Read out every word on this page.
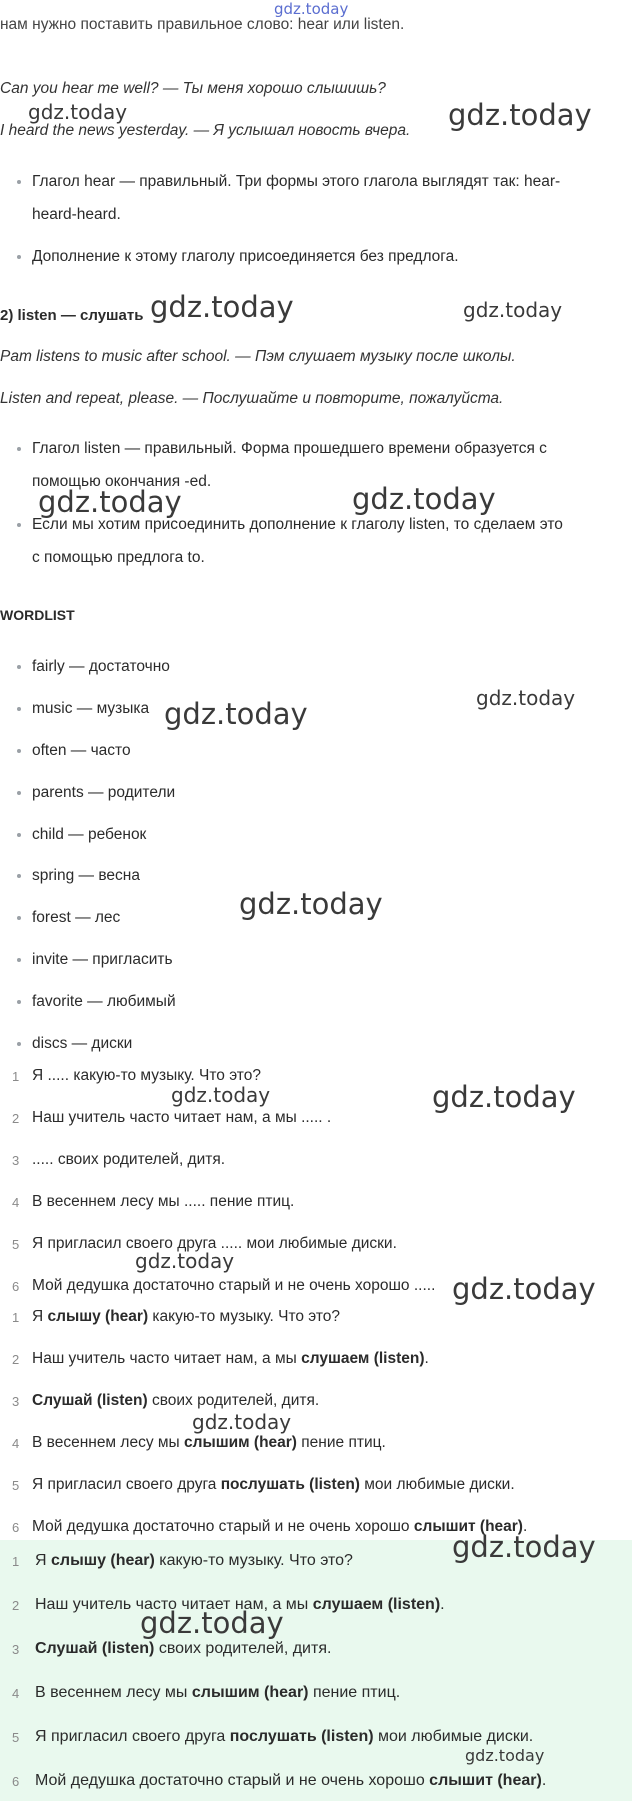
gdz.today
нам нужно поставить правильное слово: hear или listen.
Can you hear me well? — Ты меня хорошо слышишь?
I heard the news yesterday. — Я услышал новость вчера.
Глагол hear — правильный. Три формы этого глагола выглядят так: hear-
heard-heard.
Дополнение к этому глаголу присоединяется без предлога.
2) listen — слушать
Pam listens to music after school. — Пэм слушает музыку после школы.
Listen and repeat, please. — Послушайте и повторите, пожалуйста.
Глагол listen — правильный. Форма прошедшего времени образуется с
помощью окончания -ed.
Если мы хотим присоединить дополнение к глаголу listen, то сделаем это
с помощью предлога to.
WORDLIST
fairly — достаточно
music — музыка
often — часто
parents — родители
child — ребенок
spring — весна
forest — лес
invite — пригласить
favorite — любимый
discs — диски
1 Я ..... какую-то музыку. Что это?
2 Наш учитель часто читает нам, а мы ..... .
3 ..... своих родителей, дитя.
4 В весеннем лесу мы ..... пение птиц.
5 Я пригласил своего друга ..... мои любимые диски.
6 Мой дедушка достаточно старый и не очень хорошо .....
1 Я слышу (hear) какую-то музыку. Что это?
2 Наш учитель часто читает нам, а мы слушаем (listen).
3 Слушай (listen) своих родителей, дитя.
4 В весеннем лесу мы слышим (hear) пение птиц.
5 Я пригласил своего друга послушать (listen) мои любимые диски.
6 Мой дедушка достаточно старый и не очень хорошо слышит (hear).
1 Я слышу (hear) какую-то музыку. Что это?
2 Наш учитель часто читает нам, а мы слушаем (listen).
3 Слушай (listen) своих родителей, дитя.
4 В весеннем лесу мы слышим (hear) пение птиц.
5 Я пригласил своего друга послушать (listen) мои любимые диски.
6 Мой дедушка достаточно старый и не очень хорошо слышит (hear).
gdz.today	gdz.today
gdz.today	gdz.today
gdz.today	gdz.today
gdz.today
gdz.today
gdz.today
gdz.today	gdz.today
gdz.today
gdz.today
gdz.today
gdz.today
gdz.today
gdz.today
